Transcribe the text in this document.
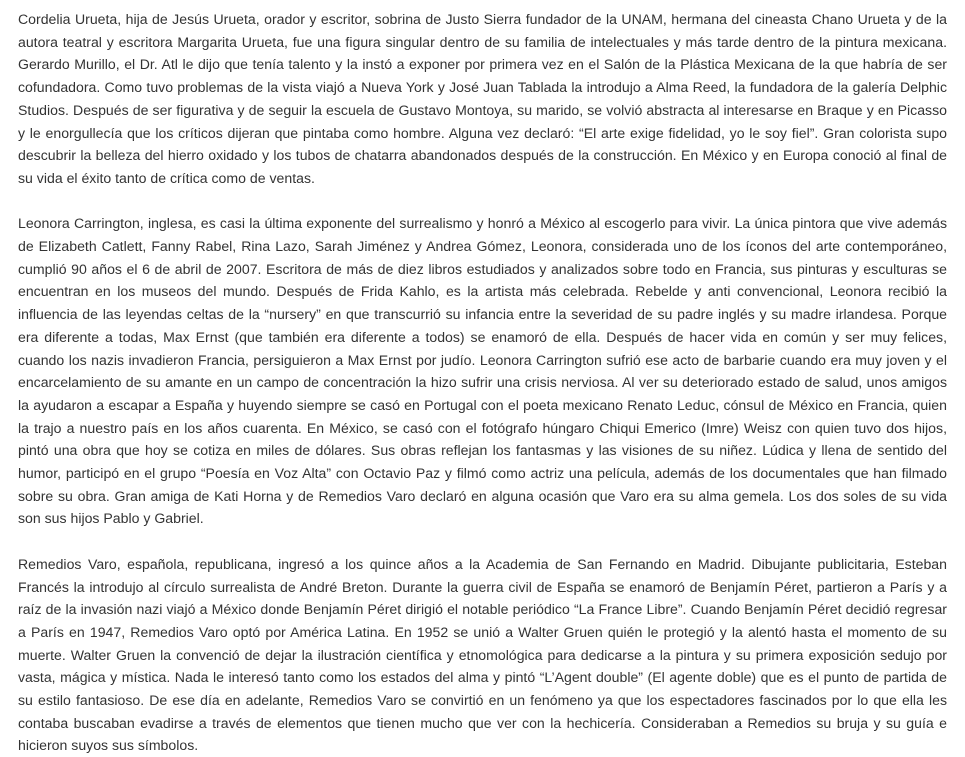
Cordelia Urueta, hija de Jesús Urueta, orador y escritor, sobrina de Justo Sierra fundador de la UNAM, hermana del cineasta Chano Urueta y de la autora teatral y escritora Margarita Urueta, fue una figura singular dentro de su familia de intelectuales y más tarde dentro de la pintura mexicana. Gerardo Murillo, el Dr. Atl le dijo que tenía talento y la instó a exponer por primera vez en el Salón de la Plástica Mexicana de la que habría de ser cofundadora. Como tuvo problemas de la vista viajó a Nueva York y José Juan Tablada la introdujo a Alma Reed, la fundadora de la galería Delphic Studios. Después de ser figurativa y de seguir la escuela de Gustavo Montoya, su marido, se volvió abstracta al interesarse en Braque y en Picasso y le enorgullecía que los críticos dijeran que pintaba como hombre. Alguna vez declaró: “El arte exige fidelidad, yo le soy fiel”. Gran colorista supo descubrir la belleza del hierro oxidado y los tubos de chatarra abandonados después de la construcción. En México y en Europa conoció al final de su vida el éxito tanto de crítica como de ventas.

Leonora Carrington, inglesa, es casi la última exponente del surrealismo y honró a México al escogerlo para vivir. La única pintora que vive además de Elizabeth Catlett, Fanny Rabel, Rina Lazo, Sarah Jiménez y Andrea Gómez, Leonora, considerada uno de los íconos del arte contemporáneo, cumplió 90 años el 6 de abril de 2007. Escritora de más de diez libros estudiados y analizados sobre todo en Francia, sus pinturas y esculturas se encuentran en los museos del mundo. Después de Frida Kahlo, es la artista más celebrada. Rebelde y anti convencional, Leonora recibió la influencia de las leyendas celtas de la “nursery” en que transcurrió su infancia entre la severidad de su padre inglés y su madre irlandesa. Porque era diferente a todas, Max Ernst (que también era diferente a todos) se enamoró de ella. Después de hacer vida en común y ser muy felices, cuando los nazis invadieron Francia, persiguieron a Max Ernst por judío. Leonora Carrington sufrió ese acto de barbarie cuando era muy joven y el encarcelamiento de su amante en un campo de concentración la hizo sufrir una crisis nerviosa. Al ver su deteriorado estado de salud, unos amigos la ayudaron a escapar a España y huyendo siempre se casó en Portugal con el poeta mexicano Renato Leduc, cónsul de México en Francia, quien la trajo a nuestro país en los años cuarenta. En México, se casó con el fotógrafo húngaro Chiqui Emerico (Imre) Weisz con quien tuvo dos hijos, pintó una obra que hoy se cotiza en miles de dólares. Sus obras reflejan los fantasmas y las visiones de su niñez. Lúdica y llena de sentido del humor, participó en el grupo “Poesía en Voz Alta” con Octavio Paz y filmó como actriz una película, además de los documentales que han filmado sobre su obra. Gran amiga de Kati Horna y de Remedios Varo declaró en alguna ocasión que Varo era su alma gemela. Los dos soles de su vida son sus hijos Pablo y Gabriel.

Remedios Varo, española, republicana, ingresó a los quince años a la Academia de San Fernando en Madrid. Dibujante publicitaria, Esteban Francés la introdujo al círculo surrealista de André Breton. Durante la guerra civil de España se enamoró de Benjamín Péret, partieron a París y a raíz de la invasión nazi viajó a México donde Benjamín Péret dirigió el notable periódico “La France Libre”. Cuando Benjamín Péret decidió regresar a París en 1947, Remedios Varo optó por América Latina. En 1952 se unió a Walter Gruen quién le protegió y la alentó hasta el momento de su muerte. Walter Gruen la convenció de dejar la ilustración científica y etnomológica para dedicarse a la pintura y su primera exposición sedujo por vasta, mágica y mística. Nada le interesó tanto como los estados del alma y pintó “L’Agent double” (El agente doble) que es el punto de partida de su estilo fantasioso. De ese día en adelante, Remedios Varo se convirtió en un fenómeno ya que los espectadores fascinados por lo que ella les contaba buscaban evadirse a través de elementos que tienen mucho que ver con la hechicería. Consideraban a Remedios su bruja y su guía e hicieron suyos sus símbolos.
